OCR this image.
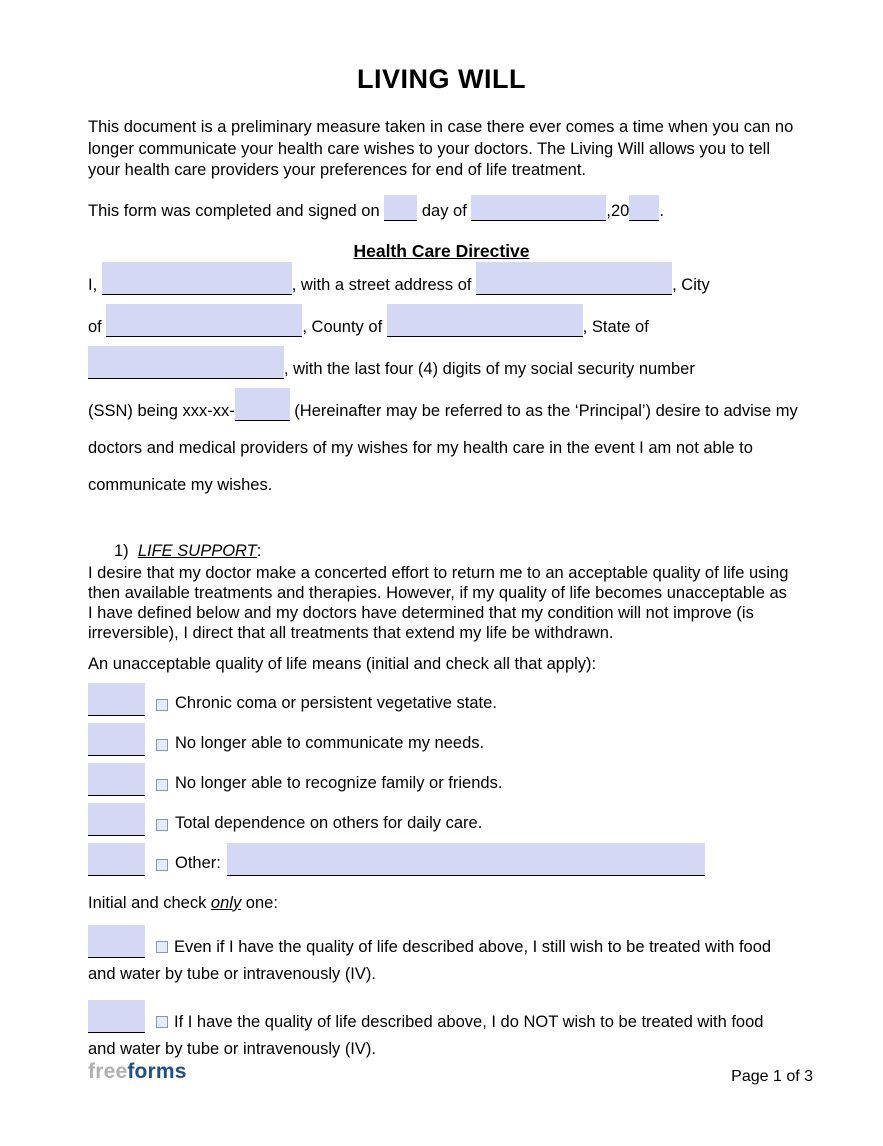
LIVING WILL

This document is a preliminary measure taken in case there ever comes a time when you can no longer communicate your health care wishes to your doctors. The Living Will allows you to tell your health care providers your preferences for end of life treatment.

This form was completed and signed on	day of	,20 .

Health Care Directive
I,	, with a street address of	, City
of	, County of	, State of
, with the last four (4) digits of my social security number
(SSN) being xxx-xx-	(Hereinafter may be referred to as the ‘Principal’) desire to advise my
doctors and medical providers of my wishes for my health care in the event I am not able to
communicate my wishes.

1) LIFE SUPPORT:

I desire that my doctor make a concerted effort to return me to an acceptable quality of life using then available treatments and therapies. However, if my quality of life becomes unacceptable as I have defined below and my doctors have determined that my condition will not improve (is irreversible), I direct that all treatments that extend my life be withdrawn.

An unacceptable quality of life means (initial and check all that apply):

Chronic coma or persistent vegetative state.
No longer able to communicate my needs.
No longer able to recognize family or friends.
Total dependence on others for daily care.
Other:

Initial and check only one:

Even if I have the quality of life described above, I still wish to be treated with food and water by tube or intravenously (IV).

If I have the quality of life described above, I do NOT wish to be treated with food and water by tube or intravenously (IV).

freeforms	Page 1 of 3
